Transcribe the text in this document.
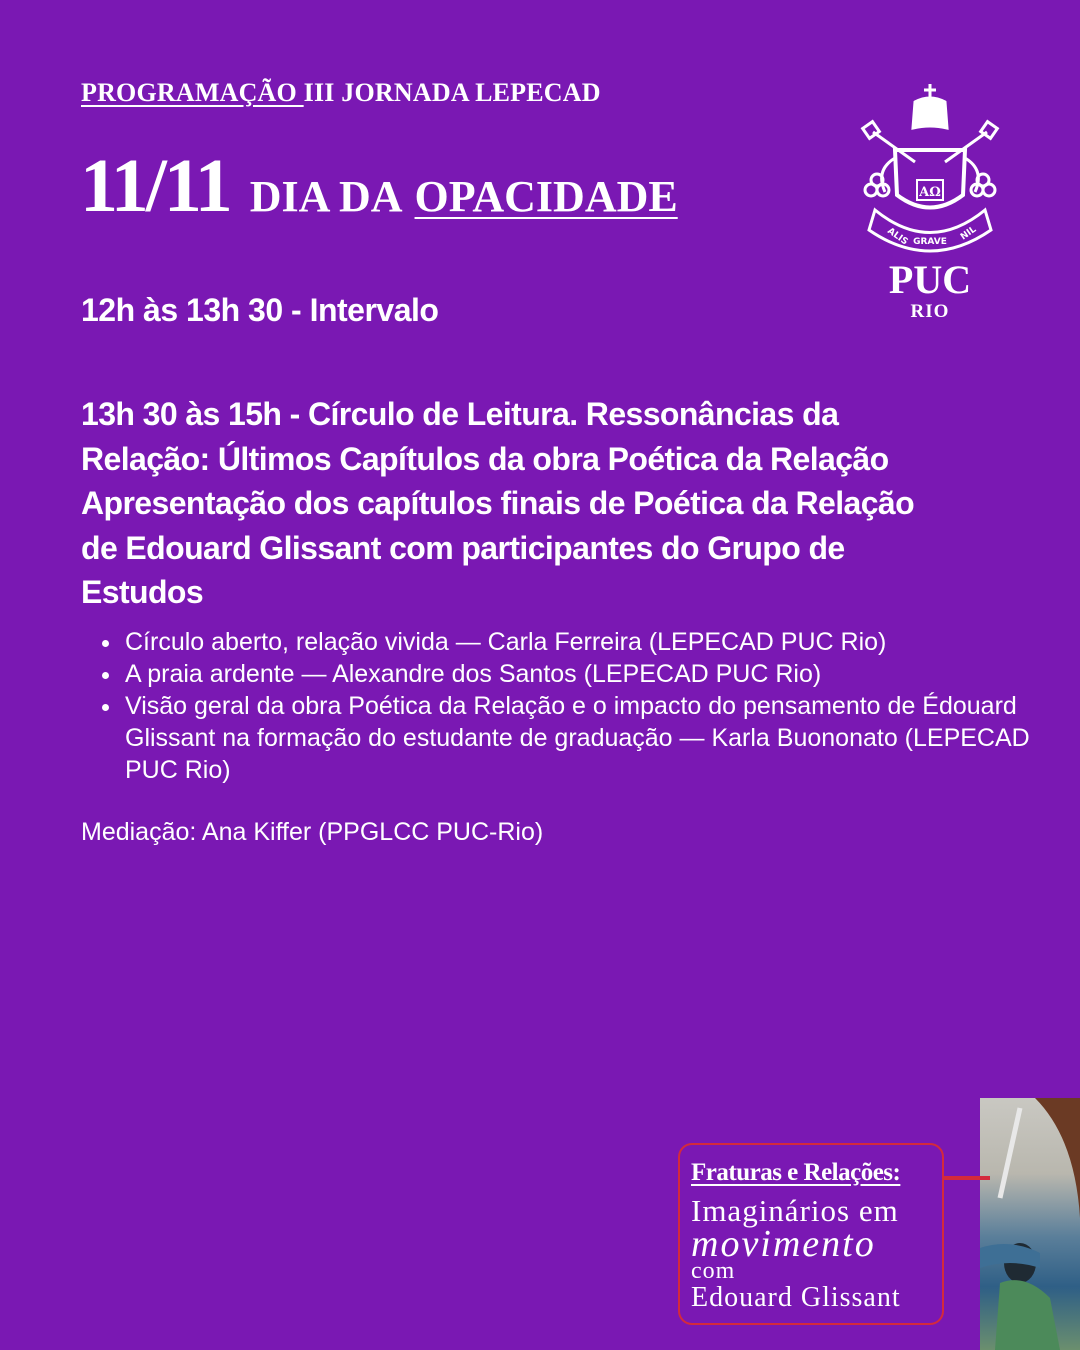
PROGRAMAÇÃO III JORNADA LEPECAD
11/11 DIA DA OPACIDADE
12h às 13h 30 - Intervalo
13h 30 às 15h - Círculo de Leitura. Ressonâncias da
Relação: Últimos Capítulos da obra Poética da Relação
Apresentação dos capítulos finais de Poética da Relação
de Edouard Glissant com participantes do Grupo de
Estudos
Círculo aberto, relação vivida — Carla Ferreira (LEPECAD PUC Rio)
A praia ardente — Alexandre dos Santos (LEPECAD PUC Rio)
Visão geral da obra Poética da Relação e o impacto do pensamento de Édouard Glissant na formação do estudante de graduação — Karla Buononato (LEPECAD PUC Rio)
Mediação: Ana Kiffer (PPGLCC PUC-Rio)
AΩ
ALIS GRAVE NIL
PUC
RIO
Fraturas e Relações:
Imaginários em
movimento
com
Edouard Glissant
